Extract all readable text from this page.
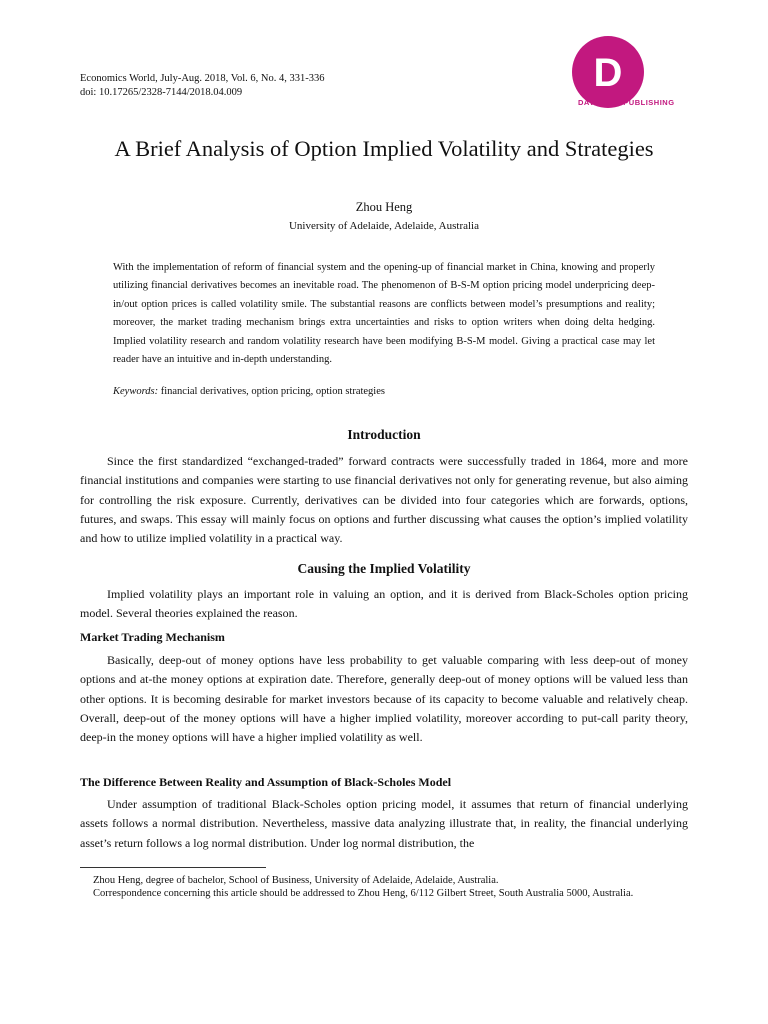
Economics World, July-Aug. 2018, Vol. 6, No. 4, 331-336
doi: 10.17265/2328-7144/2018.04.009	D
DAVID	PUBLISHING
A Brief Analysis of Option Implied Volatility and Strategies
Zhou Heng
University of Adelaide, Adelaide, Australia

With the implementation of reform of financial system and the opening-up of financial market in China, knowing and properly utilizing financial derivatives becomes an inevitable road. The phenomenon of B-S-M option pricing model underpricing deep-in/out option prices is called volatility smile. The substantial reasons are conflicts between model’s presumptions and reality; moreover, the market trading mechanism brings extra uncertainties and risks to option writers when doing delta hedging. Implied volatility research and random volatility research have been modifying B-S-M model. Giving a practical case may let reader have an intuitive and in-depth understanding.

Keywords: financial derivatives, option pricing, option strategies
Introduction

Since the first standardized “exchanged-traded” forward contracts were successfully traded in 1864, more and more financial institutions and companies were starting to use financial derivatives not only for generating revenue, but also aiming for controlling the risk exposure. Currently, derivatives can be divided into four categories which are forwards, options, futures, and swaps. This essay will mainly focus on options and further discussing what causes the option’s implied volatility and how to utilize implied volatility in a practical way.

Causing the Implied Volatility

Implied volatility plays an important role in valuing an option, and it is derived from Black-Scholes option pricing model. Several theories explained the reason.

Market Trading Mechanism

Basically, deep-out of money options have less probability to get valuable comparing with less deep-out of money options and at-the money options at expiration date. Therefore, generally deep-out of money options will be valued less than other options. It is becoming desirable for market investors because of its capacity to become valuable and relatively cheap. Overall, deep-out of the money options will have a higher implied volatility, moreover according to put-call parity theory, deep-in the money options will have a higher implied volatility as well.

The Difference Between Reality and Assumption of Black-Scholes Model

Under assumption of traditional Black-Scholes option pricing model, it assumes that return of financial underlying assets follows a normal distribution. Nevertheless, massive data analyzing illustrate that, in reality, the financial underlying asset’s return follows a log normal distribution. Under log normal distribution, the

Zhou Heng, degree of bachelor, School of Business, University of Adelaide, Adelaide, Australia.

Correspondence concerning this article should be addressed to Zhou Heng, 6/112 Gilbert Street, South Australia 5000, Australia.
